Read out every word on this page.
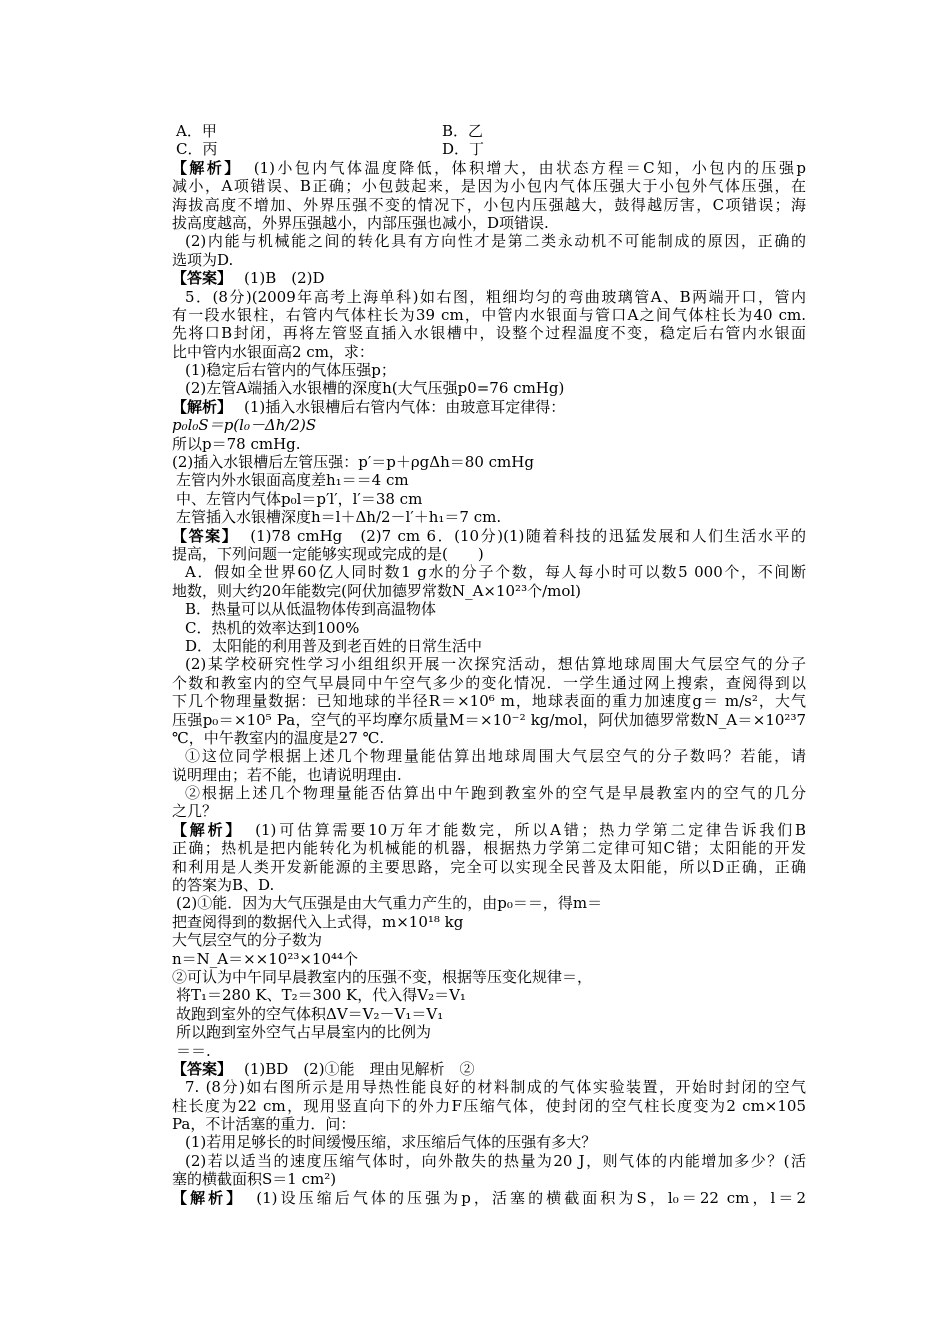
A．甲	B．乙
C．丙	D．丁
【解析】 (1)小包内气体温度降低，体积增大，由状态方程＝C知，小包内的压强p
减小，A项错误、B正确；小包鼓起来，是因为小包内气体压强大于小包外气体压强，在
海拔高度不增加、外界压强不变的情况下，小包内压强越大，鼓得越厉害，C项错误；海
拔高度越高，外界压强越小，内部压强也减小，D项错误.
(2)内能与机械能之间的转化具有方向性才是第二类永动机不可能制成的原因，正确的
选项为D.
【答案】 (1)B　(2)D
5．(8分)(2009年高考上海单科)如右图，粗细均匀的弯曲玻璃管A、B两端开口，管内
有一段水银柱，右管内气体柱长为39 cm，中管内水银面与管口A之间气体柱长为40 cm.
先将口B封闭，再将左管竖直插入水银槽中，设整个过程温度不变，稳定后右管内水银面
比中管内水银面高2 cm，求：
(1)稳定后右管内的气体压强p；
(2)左管A端插入水银槽的深度h(大气压强p0=76 cmHg)
【解析】 (1)插入水银槽后右管内气体：由玻意耳定律得：
p₀l₀S＝p(l₀－Δh/2)S
所以p＝78 cmHg.
(2)插入水银槽后左管压强：p′＝p＋ρgΔh＝80 cmHg
左管内外水银面高度差h₁＝＝4 cm
中、左管内气体p₀l＝p′l′，l′＝38 cm
左管插入水银槽深度h＝l＋Δh/2－l′＋h₁＝7 cm.
【答案】 (1)78 cmHg　(2)7 cm 6．(10分)(1)随着科技的迅猛发展和人们生活水平的
提高，下列问题一定能够实现或完成的是(　　)
A．假如全世界60亿人同时数1 g水的分子个数，每人每小时可以数5 000个，不间断
地数，则大约20年能数完(阿伏加德罗常数N_A×10²³个/mol)
B．热量可以从低温物体传到高温物体
C．热机的效率达到100%
D．太阳能的利用普及到老百姓的日常生活中
(2)某学校研究性学习小组组织开展一次探究活动，想估算地球周围大气层空气的分子
个数和教室内的空气早晨同中午空气多少的变化情况．一学生通过网上搜索，查阅得到以
下几个物理量数据：已知地球的半径R＝×10⁶ m，地球表面的重力加速度g＝ m/s²，大气
压强p₀＝×10⁵ Pa，空气的平均摩尔质量M＝×10⁻² kg/mol，阿伏加德罗常数N_A＝×10²³7
℃，中午教室内的温度是27 ℃.
①这位同学根据上述几个物理量能估算出地球周围大气层空气的分子数吗？若能，请
说明理由；若不能，也请说明理由.
②根据上述几个物理量能否估算出中午跑到教室外的空气是早晨教室内的空气的几分
之几？
【解析】 (1)可估算需要10万年才能数完，所以A错；热力学第二定律告诉我们B
正确；热机是把内能转化为机械能的机器，根据热力学第二定律可知C错；太阳能的开发
和利用是人类开发新能源的主要思路，完全可以实现全民普及太阳能，所以D正确，正确
的答案为B、D.
(2)①能．因为大气压强是由大气重力产生的，由p₀＝＝，得m＝
把查阅得到的数据代入上式得，m×10¹⁸ kg
大气层空气的分子数为
n＝N_A＝××10²³×10⁴⁴个
②可认为中午同早晨教室内的压强不变，根据等压变化规律＝，
将T₁＝280 K、T₂＝300 K，代入得V₂＝V₁
故跑到室外的空气体积ΔV＝V₂－V₁＝V₁
所以跑到室外空气占早晨室内的比例为
＝＝.
【答案】 (1)BD　(2)①能　理由见解析　②
7. (8分)如右图所示是用导热性能良好的材料制成的气体实验装置，开始时封闭的空气
柱长度为22 cm，现用竖直向下的外力F压缩气体，使封闭的空气柱长度变为2 cm×105
Pa，不计活塞的重力．问：
(1)若用足够长的时间缓慢压缩，求压缩后气体的压强有多大？
(2)若以适当的速度压缩气体时，向外散失的热量为20 J，则气体的内能增加多少？(活
塞的横截面积S＝1 cm²)
【解析】 (1)设压缩后气体的压强为p，活塞的横截面积为S，l₀＝22 cm，l＝2
